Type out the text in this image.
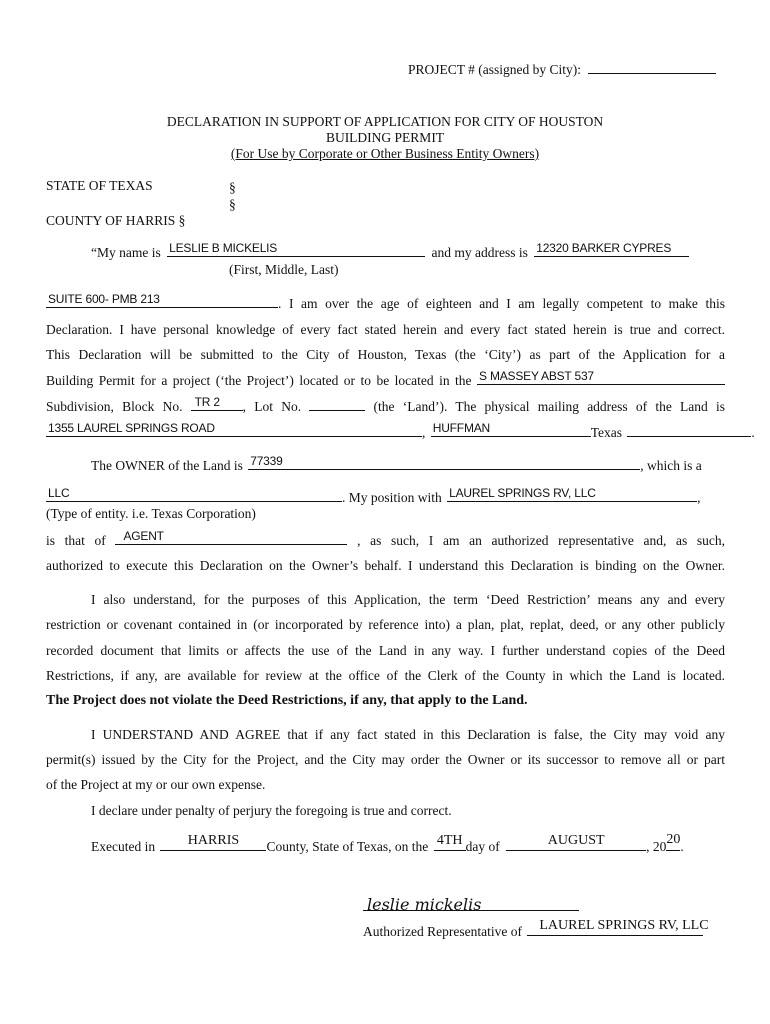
PROJECT # (assigned by City):
DECLARATION IN SUPPORT OF APPLICATION FOR CITY OF HOUSTON
BUILDING PERMIT
(For Use by Corporate or Other Business Entity Owners)
STATE OF TEXAS	§
§
COUNTY OF HARRIS §
“My name is LESLIE B MICKELIS	and my address is 12320 BARKER CYPRES
(First, Middle, Last)
SUITE 600- PMB 213	. I am over the age of eighteen and I am legally competent to make this
Declaration. I have personal knowledge of every fact stated herein and every fact stated herein is true and correct.
This Declaration will be submitted to the City of Houston, Texas (the ‘City’) as part of the Application for a
Building Permit for a project (‘the Project’) located or to be located in the S MASSEY ABST 537
Subdivision, Block No. TR 2 , Lot No.	(the ‘Land’). The physical mailing address of the Land is
1355 LAUREL SPRINGS ROAD	, HUFFMAN	Texas	.
The OWNER of the Land is 77339	, which is a
LLC	. My position with LAUREL SPRINGS RV, LLC	,
(Type of entity. i.e. Texas Corporation)
is that of AGENT	, as such, I am an authorized representative and, as such,
authorized to execute this Declaration on the Owner’s behalf. I understand this Declaration is binding on the Owner.
I also understand, for the purposes of this Application, the term ‘Deed Restriction’ means any and every
restriction or covenant contained in (or incorporated by reference into) a plan, plat, replat, deed, or any other publicly
recorded document that limits or affects the use of the Land in any way. I further understand copies of the Deed
Restrictions, if any, are available for review at the office of the Clerk of the County in which the Land is located.
The Project does not violate the Deed Restrictions, if any, that apply to the Land.
I UNDERSTAND AND AGREE that if any fact stated in this Declaration is false, the City may void any
permit(s) issued by the City for the Project, and the City may order the Owner or its successor to remove all or part
of the Project at my or our own expense.
I declare under penalty of perjury the foregoing is true and correct.
Executed in	HARRIS	County, State of Texas, on the 4TH day of	AUGUST	, 20 20 .
leslie mickelis
Authorized Representative of LAUREL SPRINGS RV, LLC
